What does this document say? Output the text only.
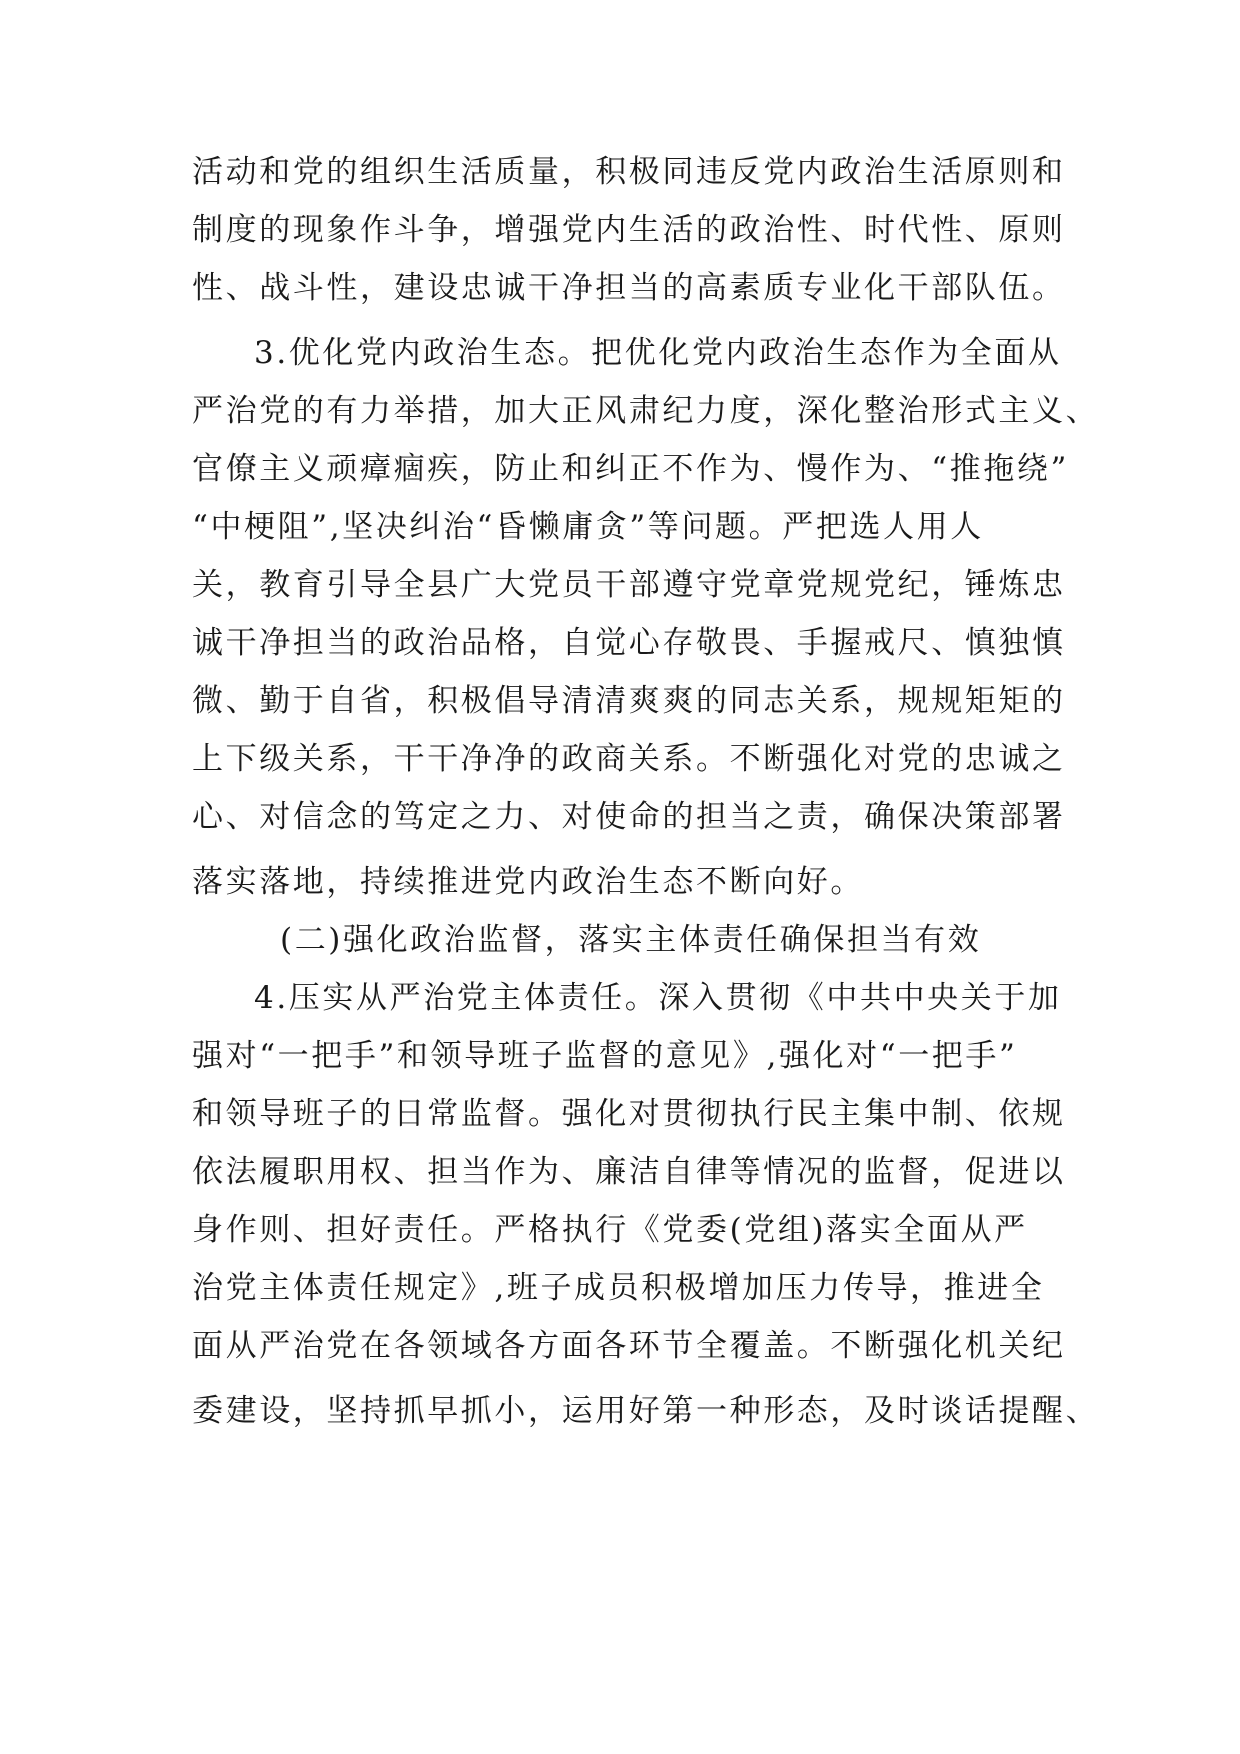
活动和党的组织生活质量，积极同违反党内政治生活原则和
制度的现象作斗争，增强党内生活的政治性、时代性、原则
性、战斗性，建设忠诚干净担当的高素质专业化干部队伍。
3.优化党内政治生态。把优化党内政治生态作为全面从
严治党的有力举措，加大正风肃纪力度，深化整治形式主义、
官僚主义顽瘴痼疾，防止和纠正不作为、慢作为、“推拖绕”
“中梗阻”,坚决纠治“昏懒庸贪”等问题。严把选人用人
关，教育引导全县广大党员干部遵守党章党规党纪，锤炼忠
诚干净担当的政治品格，自觉心存敬畏、手握戒尺、慎独慎
微、勤于自省，积极倡导清清爽爽的同志关系，规规矩矩的
上下级关系，干干净净的政商关系。不断强化对党的忠诚之
心、对信念的笃定之力、对使命的担当之责，确保决策部署
落实落地，持续推进党内政治生态不断向好。
(二)强化政治监督，落实主体责任确保担当有效
4.压实从严治党主体责任。深入贯彻《中共中央关于加
强对“一把手”和领导班子监督的意见》,强化对“一把手”
和领导班子的日常监督。强化对贯彻执行民主集中制、依规
依法履职用权、担当作为、廉洁自律等情况的监督，促进以
身作则、担好责任。严格执行《党委(党组)落实全面从严
治党主体责任规定》,班子成员积极增加压力传导，推进全
面从严治党在各领域各方面各环节全覆盖。不断强化机关纪
委建设，坚持抓早抓小，运用好第一种形态，及时谈话提醒、
